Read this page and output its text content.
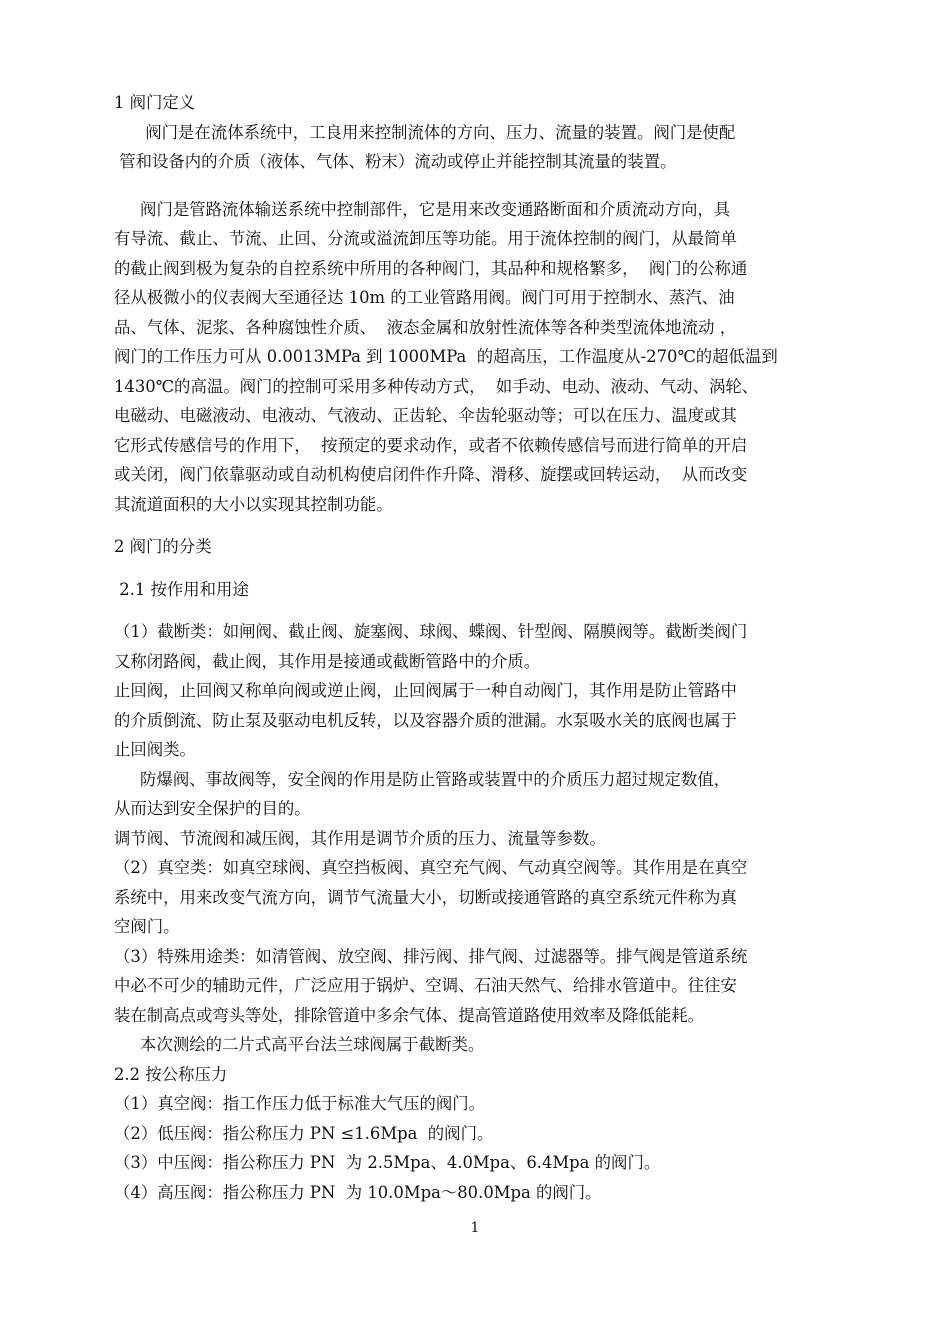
1 阀门定义
阀门是在流体系统中，工良用来控制流体的方向、压力、流量的装置。阀门是使配
管和设备内的介质（液体、气体、粉末）流动或停止并能控制其流量的装置。
阀门是管路流体输送系统中控制部件，它是用来改变通路断面和介质流动方向，具
有导流、截止、节流、止回、分流或溢流卸压等功能。用于流体控制的阀门，从最简单
的截止阀到极为复杂的自控系统中所用的各种阀门，其品种和规格繁多，  阀门的公称通
径从极微小的仪表阀大至通径达 10m 的工业管路用阀。阀门可用于控制水、蒸汽、油
品、气体、泥浆、各种腐蚀性介质、  液态金属和放射性流体等各种类型流体地流动 ，
阀门的工作压力可从 0.0013MPa 到 1000MPa  的超高压，工作温度从-270℃的超低温到
1430℃的高温。阀门的控制可采用多种传动方式，  如手动、电动、液动、气动、涡轮、
电磁动、电磁液动、电液动、气液动、正齿轮、伞齿轮驱动等；可以在压力、温度或其
它形式传感信号的作用下，  按预定的要求动作，或者不依赖传感信号而进行简单的开启
或关闭，阀门依靠驱动或自动机构使启闭件作升降、滑移、旋摆或回转运动，  从而改变
其流道面积的大小以实现其控制功能。
2 阀门的分类
2.1 按作用和用途
（1）截断类：如闸阀、截止阀、旋塞阀、球阀、蝶阀、针型阀、隔膜阀等。截断类阀门
又称闭路阀，截止阀，其作用是接通或截断管路中的介质。
止回阀，止回阀又称单向阀或逆止阀，止回阀属于一种自动阀门，其作用是防止管路中
的介质倒流、防止泵及驱动电机反转，以及容器介质的泄漏。水泵吸水关的底阀也属于
止回阀类。
防爆阀、事故阀等，安全阀的作用是防止管路或装置中的介质压力超过规定数值，
从而达到安全保护的目的。
调节阀、节流阀和减压阀，其作用是调节介质的压力、流量等参数。
（2）真空类：如真空球阀、真空挡板阀、真空充气阀、气动真空阀等。其作用是在真空
系统中，用来改变气流方向，调节气流量大小，切断或接通管路的真空系统元件称为真
空阀门。
（3）特殊用途类：如清管阀、放空阀、排污阀、排气阀、过滤器等。排气阀是管道系统
中必不可少的辅助元件，广泛应用于锅炉、空调、石油天然气、给排水管道中。往往安
装在制高点或弯头等处，排除管道中多余气体、提高管道路使用效率及降低能耗。
本次测绘的二片式高平台法兰球阀属于截断类。
2.2 按公称压力
（1）真空阀：指工作压力低于标准大气压的阀门。
（2）低压阀：指公称压力 PN ≤1.6Mpa  的阀门。
（3）中压阀：指公称压力 PN  为 2.5Mpa、4.0Mpa、6.4Mpa 的阀门。
（4）高压阀：指公称压力 PN  为 10.0Mpa～80.0Mpa 的阀门。
1
